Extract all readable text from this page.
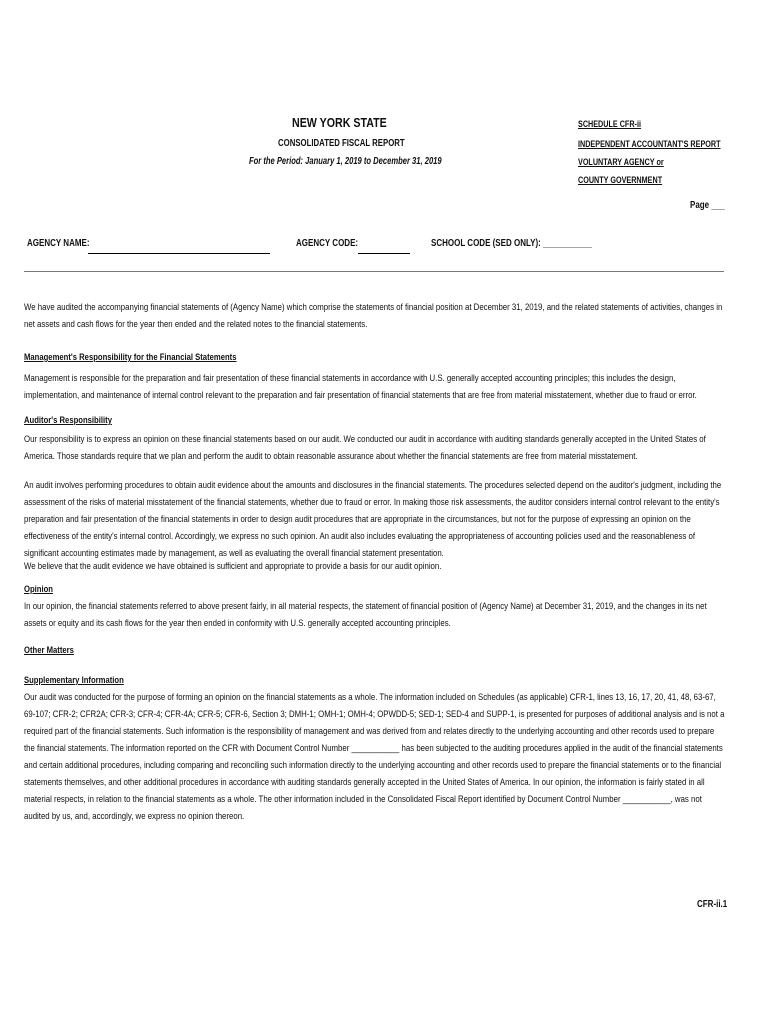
NEW YORK STATE
CONSOLIDATED FISCAL REPORT
For the Period: January 1, 2019 to December 31, 2019
SCHEDULE CFR-ii
INDEPENDENT ACCOUNTANT'S REPORT
VOLUNTARY AGENCY or
COUNTY GOVERNMENT
Page ___
AGENCY NAME:	AGENCY CODE:	SCHOOL CODE (SED ONLY): ___________
We have audited the accompanying financial statements of (Agency Name) which comprise the statements of financial position at December 31, 2019, and the related statements of activities, changes in net assets and cash flows for the year then ended and the related notes to the financial statements.
Management's Responsibility for the Financial Statements
Management is responsible for the preparation and fair presentation of these financial statements in accordance with U.S. generally accepted accounting principles; this includes the design, implementation, and maintenance of internal control relevant to the preparation and fair presentation of financial statements that are free from material misstatement, whether due to fraud or error.
Auditor's Responsibility
Our responsibility is to express an opinion on these financial statements based on our audit. We conducted our audit in accordance with auditing standards generally accepted in the United States of America. Those standards require that we plan and perform the audit to obtain reasonable assurance about whether the financial statements are free from material misstatement.
An audit involves performing procedures to obtain audit evidence about the amounts and disclosures in the financial statements. The procedures selected depend on the auditor's judgment, including the assessment of the risks of material misstatement of the financial statements, whether due to fraud or error. In making those risk assessments, the auditor considers internal control relevant to the entity's preparation and fair presentation of the financial statements in order to design audit procedures that are appropriate in the circumstances, but not for the purpose of expressing an opinion on the effectiveness of the entity's internal control. Accordingly, we express no such opinion. An audit also includes evaluating the appropriateness of accounting policies used and the reasonableness of significant accounting estimates made by management, as well as evaluating the overall financial statement presentation.
We believe that the audit evidence we have obtained is sufficient and appropriate to provide a basis for our audit opinion.
Opinion
In our opinion, the financial statements referred to above present fairly, in all material respects, the statement of financial position of (Agency Name) at December 31, 2019, and the changes in its net assets or equity and its cash flows for the year then ended in conformity with U.S. generally accepted accounting principles.
Other Matters
Supplementary Information
Our audit was conducted for the purpose of forming an opinion on the financial statements as a whole. The information included on Schedules (as applicable) CFR-1, lines 13, 16, 17, 20, 41, 48, 63-67, 69-107; CFR-2; CFR2A; CFR-3; CFR-4; CFR-4A; CFR-5; CFR-6, Section 3; DMH-1; OMH-1; OMH-4; OPWDD-5; SED-1; SED-4 and SUPP-1, is presented for purposes of additional analysis and is not a required part of the financial statements. Such information is the responsibility of management and was derived from and relates directly to the underlying accounting and other records used to prepare the financial statements. The information reported on the CFR with Document Control Number ___________ has been subjected to the auditing procedures applied in the audit of the financial statements and certain additional procedures, including comparing and reconciling such information directly to the underlying accounting and other records used to prepare the financial statements or to the financial statements themselves, and other additional procedures in accordance with auditing standards generally accepted in the United States of America. In our opinion, the information is fairly stated in all material respects, in relation to the financial statements as a whole. The other information included in the Consolidated Fiscal Report identified by Document Control Number ___________, was not audited by us, and, accordingly, we express no opinion thereon.
CFR-ii.1
